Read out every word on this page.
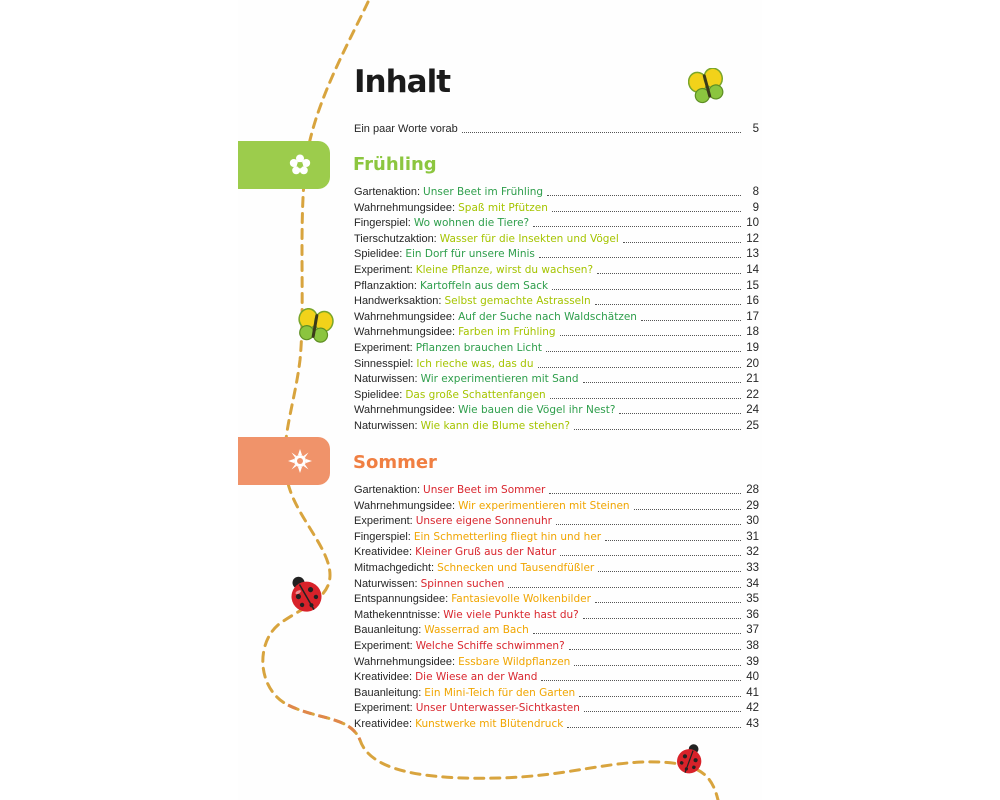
Inhalt
Ein paar Worte vorab	5
Frühling
Sommer
Gartenaktion: Unser Beet im Frühling	8
Wahrnehmungsidee: Spaß mit Pfützen	9
Fingerspiel: Wo wohnen die Tiere?	10
Tierschutzaktion: Wasser für die Insekten und Vögel	12
Spielidee: Ein Dorf für unsere Minis	13
Experiment: Kleine Pflanze, wirst du wachsen?	14
Pflanzaktion: Kartoffeln aus dem Sack	15
Handwerksaktion: Selbst gemachte Astrasseln	16
Wahrnehmungsidee: Auf der Suche nach Waldschätzen	17
Wahrnehmungsidee: Farben im Frühling	18
Experiment: Pflanzen brauchen Licht	19
Sinnesspiel: Ich rieche was, das du	20
Naturwissen: Wir experimentieren mit Sand	21
Spielidee: Das große Schattenfangen	22
Wahrnehmungsidee: Wie bauen die Vögel ihr Nest?	24
Naturwissen: Wie kann die Blume stehen?	25
Gartenaktion: Unser Beet im Sommer	28
Wahrnehmungsidee: Wir experimentieren mit Steinen	29
Experiment: Unsere eigene Sonnenuhr	30
Fingerspiel: Ein Schmetterling fliegt hin und her	31
Kreatividee: Kleiner Gruß aus der Natur	32
Mitmachgedicht: Schnecken und Tausendfüßler	33
Naturwissen: Spinnen suchen	34
Entspannungsidee: Fantasievolle Wolkenbilder	35
Mathekenntnisse: Wie viele Punkte hast du?	36
Bauanleitung: Wasserrad am Bach	37
Experiment: Welche Schiffe schwimmen?	38
Wahrnehmungsidee: Essbare Wildpflanzen	39
Kreatividee: Die Wiese an der Wand	40
Bauanleitung: Ein Mini-Teich für den Garten	41
Experiment: Unser Unterwasser-Sichtkasten	42
Kreatividee: Kunstwerke mit Blütendruck	43
